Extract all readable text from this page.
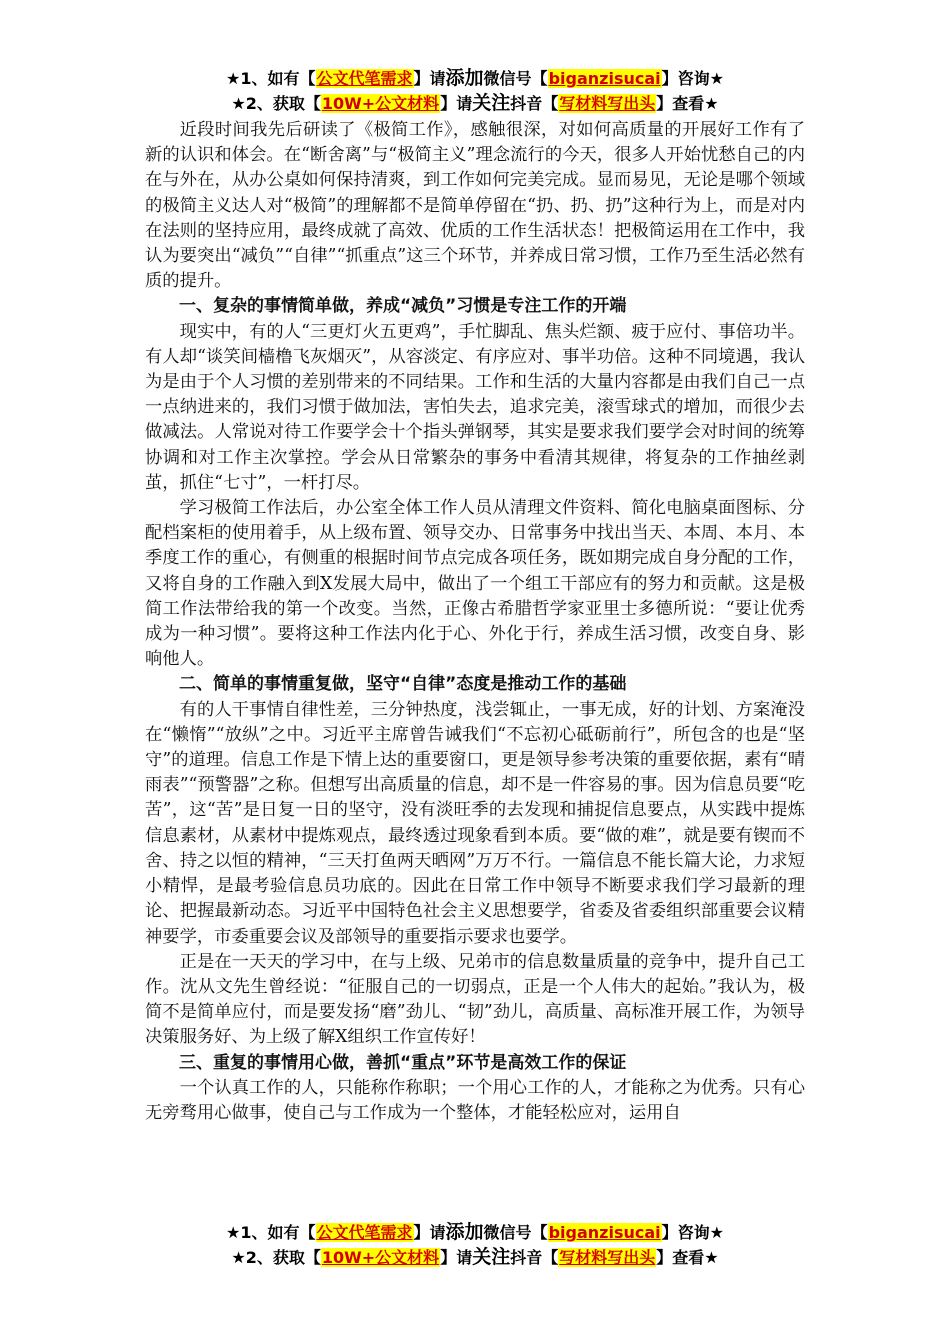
★1、如有【公文代笔需求】请添加微信号【biganzisucai】咨询★
★2、获取【10W+公文材料】请关注抖音【写材料写出头】查看★

近段时间我先后研读了《极简工作》，感触很深，对如何高质量的开展好工作有了新的认识和体会。在“断舍离”与“极简主义”理念流行的今天，很多人开始忧愁自己的内在与外在，从办公桌如何保持清爽，到工作如何完美完成。显而易见，无论是哪个领域的极简主义达人对“极简”的理解都不是简单停留在“扔、扔、扔”这种行为上，而是对内在法则的坚持应用，最终成就了高效、优质的工作生活状态！把极简运用在工作中，我认为要突出“减负”“自律”“抓重点”这三个环节，并养成日常习惯，工作乃至生活必然有质的提升。

一、复杂的事情简单做，养成“减负”习惯是专注工作的开端

现实中，有的人“三更灯火五更鸡”，手忙脚乱、焦头烂额、疲于应付、事倍功半。有人却“谈笑间樯橹飞灰烟灭”，从容淡定、有序应对、事半功倍。这种不同境遇，我认为是由于个人习惯的差别带来的不同结果。工作和生活的大量内容都是由我们自己一点一点纳进来的，我们习惯于做加法，害怕失去，追求完美，滚雪球式的增加，而很少去做减法。人常说对待工作要学会十个指头弹钢琴，其实是要求我们要学会对时间的统筹协调和对工作主次掌控。学会从日常繁杂的事务中看清其规律，将复杂的工作抽丝剥茧，抓住“七寸”，一杆打尽。

学习极简工作法后，办公室全体工作人员从清理文件资料、简化电脑桌面图标、分配档案柜的使用着手，从上级布置、领导交办、日常事务中找出当天、本周、本月、本季度工作的重心，有侧重的根据时间节点完成各项任务，既如期完成自身分配的工作，又将自身的工作融入到X发展大局中，做出了一个组工干部应有的努力和贡献。这是极简工作法带给我的第一个改变。当然，正像古希腊哲学家亚里士多德所说：“要让优秀成为一种习惯”。要将这种工作法内化于心、外化于行，养成生活习惯，改变自身、影响他人。

二、简单的事情重复做，坚守“自律”态度是推动工作的基础

有的人干事情自律性差，三分钟热度，浅尝辄止，一事无成，好的计划、方案淹没在“懒惰”“放纵”之中。习近平主席曾告诫我们“不忘初心砥砺前行”，所包含的也是“坚守”的道理。信息工作是下情上达的重要窗口，更是领导参考决策的重要依据，素有“晴雨表”“预警器”之称。但想写出高质量的信息，却不是一件容易的事。因为信息员要“吃苦”，这“苦”是日复一日的坚守，没有淡旺季的去发现和捕捉信息要点，从实践中提炼信息素材，从素材中提炼观点，最终透过现象看到本质。要“做的难”，就是要有锲而不舍、持之以恒的精神，“三天打鱼两天晒网”万万不行。一篇信息不能长篇大论，力求短小精悍，是最考验信息员功底的。因此在日常工作中领导不断要求我们学习最新的理论、把握最新动态。习近平中国特色社会主义思想要学，省委及省委组织部重要会议精神要学，市委重要会议及部领导的重要指示要求也要学。

正是在一天天的学习中，在与上级、兄弟市的信息数量质量的竞争中，提升自己工作。沈从文先生曾经说：“征服自己的一切弱点，正是一个人伟大的起始。”我认为，极简不是简单应付，而是要发扬“磨”劲儿、“韧”劲儿，高质量、高标准开展工作，为领导决策服务好、为上级了解X组织工作宣传好！

三、重复的事情用心做，善抓“重点”环节是高效工作的保证

一个认真工作的人，只能称作称职；一个用心工作的人，才能称之为优秀。只有心无旁骛用心做事，使自己与工作成为一个整体，才能轻松应对，运用自

★1、如有【公文代笔需求】请添加微信号【biganzisucai】咨询★
★2、获取【10W+公文材料】请关注抖音【写材料写出头】查看★
